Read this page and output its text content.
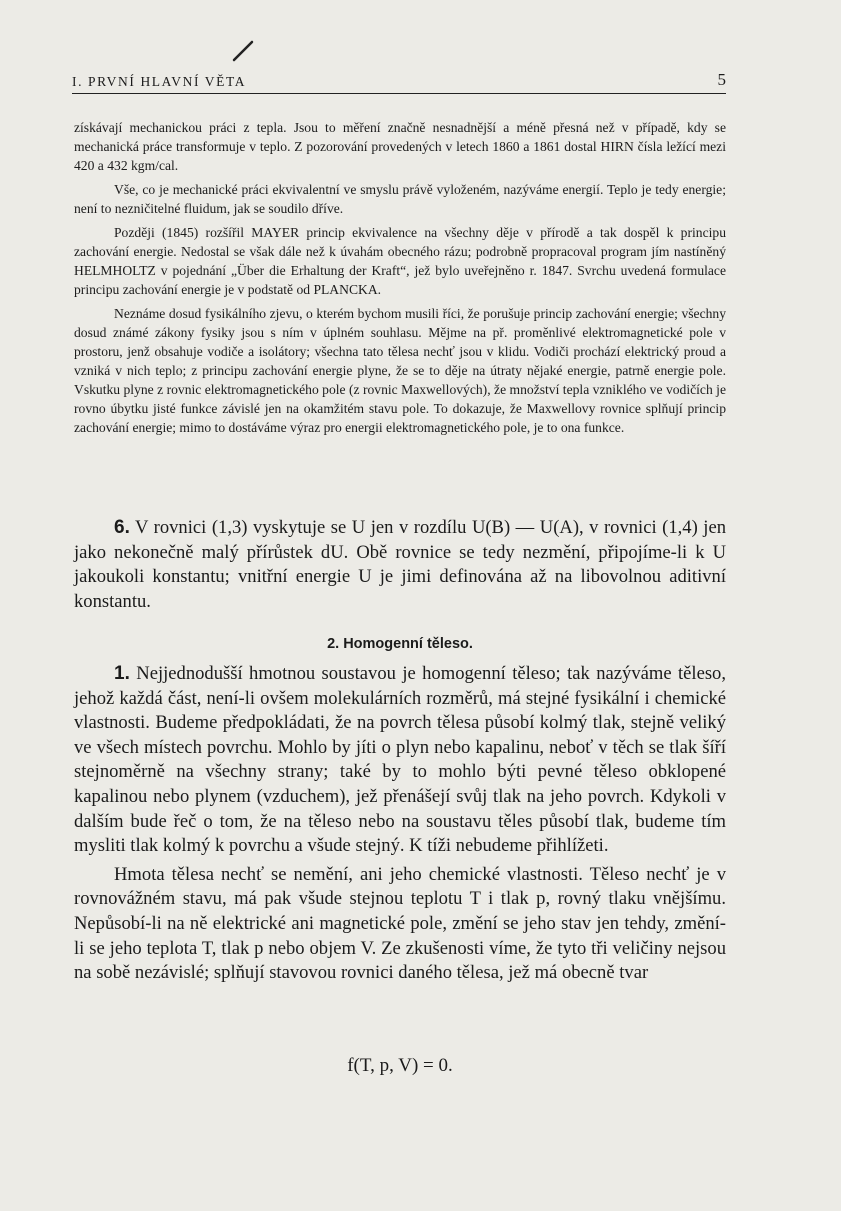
I. PRVNÍ HLAVNÍ VĚTA	5

získávají mechanickou práci z tepla. Jsou to měření značně nesnadnější a méně přesná než v případě, kdy se mechanická práce transformuje v teplo. Z pozorování provedených v letech 1860 a 1861 dostal HIRN čísla ležící mezi 420 a 432 kgm/cal.

Vše, co je mechanické práci ekvivalentní ve smyslu právě vyloženém, nazýváme energií. Teplo je tedy energie; není to nezničitelné fluidum, jak se soudilo dříve.

Později (1845) rozšířil MAYER princip ekvivalence na všechny děje v přírodě a tak dospěl k principu zachování energie. Nedostal se však dále než k úvahám obecného rázu; podrobně propracoval program jím nastíněný HELMHOLTZ v pojednání „Über die Erhaltung der Kraft“, jež bylo uveřejněno r. 1847. Svrchu uvedená formulace principu zachování energie je v podstatě od PLANCKA.

Neznáme dosud fysikálního zjevu, o kterém bychom musili říci, že porušuje princip zachování energie; všechny dosud známé zákony fysiky jsou s ním v úplném souhlasu. Mějme na př. proměnlivé elektromagnetické pole v prostoru, jenž obsahuje vodiče a isolátory; všechna tato tělesa nechť jsou v klidu. Vodiči prochází elektrický proud a vzniká v nich teplo; z principu zachování energie plyne, že se to děje na útraty nějaké energie, patrně energie pole. Vskutku plyne z rovnic elektromagnetického pole (z rovnic Maxwellových), že množství tepla vzniklého ve vodičích je rovno úbytku jisté funkce závislé jen na okamžitém stavu pole. To dokazuje, že Maxwellovy rovnice splňují princip zachování energie; mimo to dostáváme výraz pro energii elektromagnetického pole, je to ona funkce.

6. V rovnici (1,3) vyskytuje se U jen v rozdílu U(B) — U(A), v rovnici (1,4) jen jako nekonečně malý přírůstek dU. Obě rovnice se tedy nezmění, připojíme-li k U jakoukoli konstantu; vnitřní energie U je jimi definována až na libovolnou aditivní konstantu.

2. Homogenní těleso.

1. Nejjednodušší hmotnou soustavou je homogenní těleso; tak nazýváme těleso, jehož každá část, není-li ovšem molekulárních rozměrů, má stejné fysikální i chemické vlastnosti. Budeme předpokládati, že na povrch tělesa působí kolmý tlak, stejně veliký ve všech místech povrchu. Mohlo by jíti o plyn nebo kapalinu, neboť v těch se tlak šíří stejnoměrně na všechny strany; také by to mohlo býti pevné těleso obklopené kapalinou nebo plynem (vzduchem), jež přenášejí svůj tlak na jeho povrch. Kdykoli v dalším bude řeč o tom, že na těleso nebo na soustavu těles působí tlak, budeme tím mysliti tlak kolmý k povrchu a všude stejný. K tíži nebudeme přihlížeti.

Hmota tělesa nechť se nemění, ani jeho chemické vlastnosti. Těleso nechť je v rovnovážném stavu, má pak všude stejnou teplotu T i tlak p, rovný tlaku vnějšímu. Nepůsobí-li na ně elektrické ani magnetické pole, změní se jeho stav jen tehdy, změní-li se jeho teplota T, tlak p nebo objem V. Ze zkušenosti víme, že tyto tři veličiny nejsou na sobě nezávislé; splňují stavovou rovnici daného tělesa, jež má obecně tvar

f(T, p, V) = 0.
